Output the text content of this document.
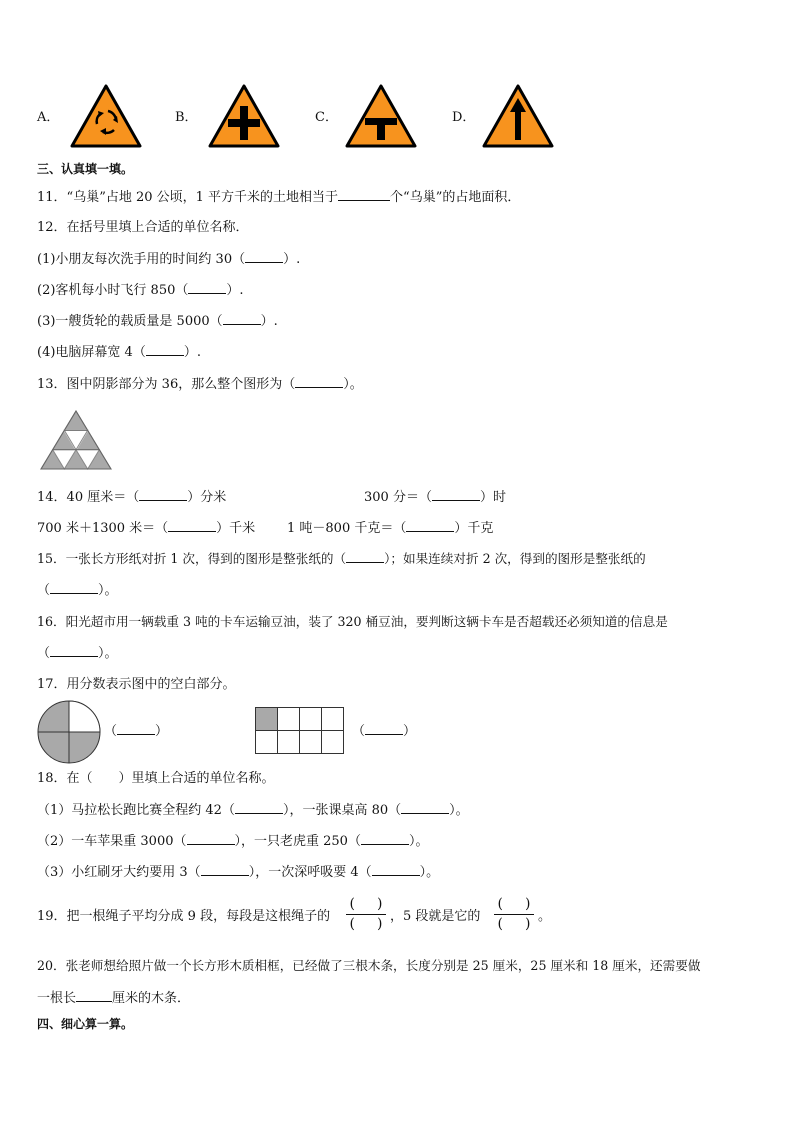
A．	B．	C．	D．
三、认真填一填。
11．“乌巢”占地 20 公顷，1 平方千米的土地相当于	个“乌巢”的占地面积．
12．在括号里填上合适的单位名称．
(1)小朋友每次洗手用的时间约 30（	）.
(2)客机每小时飞行 850（	）.
(3)一艘货轮的载质量是 5000（	）.
(4)电脑屏幕宽 4（	）.
13．图中阴影部分为 36，那么整个图形为（	）。
14．40 厘米＝（	）分米	300 分＝（	）时
700 米＋1300 米＝（	）千米 1 吨－800 千克＝（	）千克
15．一张长方形纸对折 1 次，得到的图形是整张纸的（	）；如果连续对折 2 次，得到的图形是整张纸的
（	）。
16．阳光超市用一辆载重 3 吨的卡车运输豆油，装了 320 桶豆油，要判断这辆卡车是否超载还必须知道的信息是
（	）。
17．用分数表示图中的空白部分。
（	）	（	）
18．在（　　）里填上合适的单位名称。
（1）马拉松长跑比赛全程约 42（	），一张课桌高 80（	）。
（2）一车苹果重 3000（	），一只老虎重 250（	）。
（3）小红刷牙大约要用 3（	），一次深呼吸要 4（	）。
19．把一根绳子平均分成 9 段，每段是这根绳子的
( )
( ) ，5 段就是它的
( )
( ) 。
20．张老师想给照片做一个长方形木质相框，已经做了三根木条，长度分别是 25 厘米，25 厘米和 18 厘米，还需要做
一根长	厘米的木条．
四、细心算一算。
